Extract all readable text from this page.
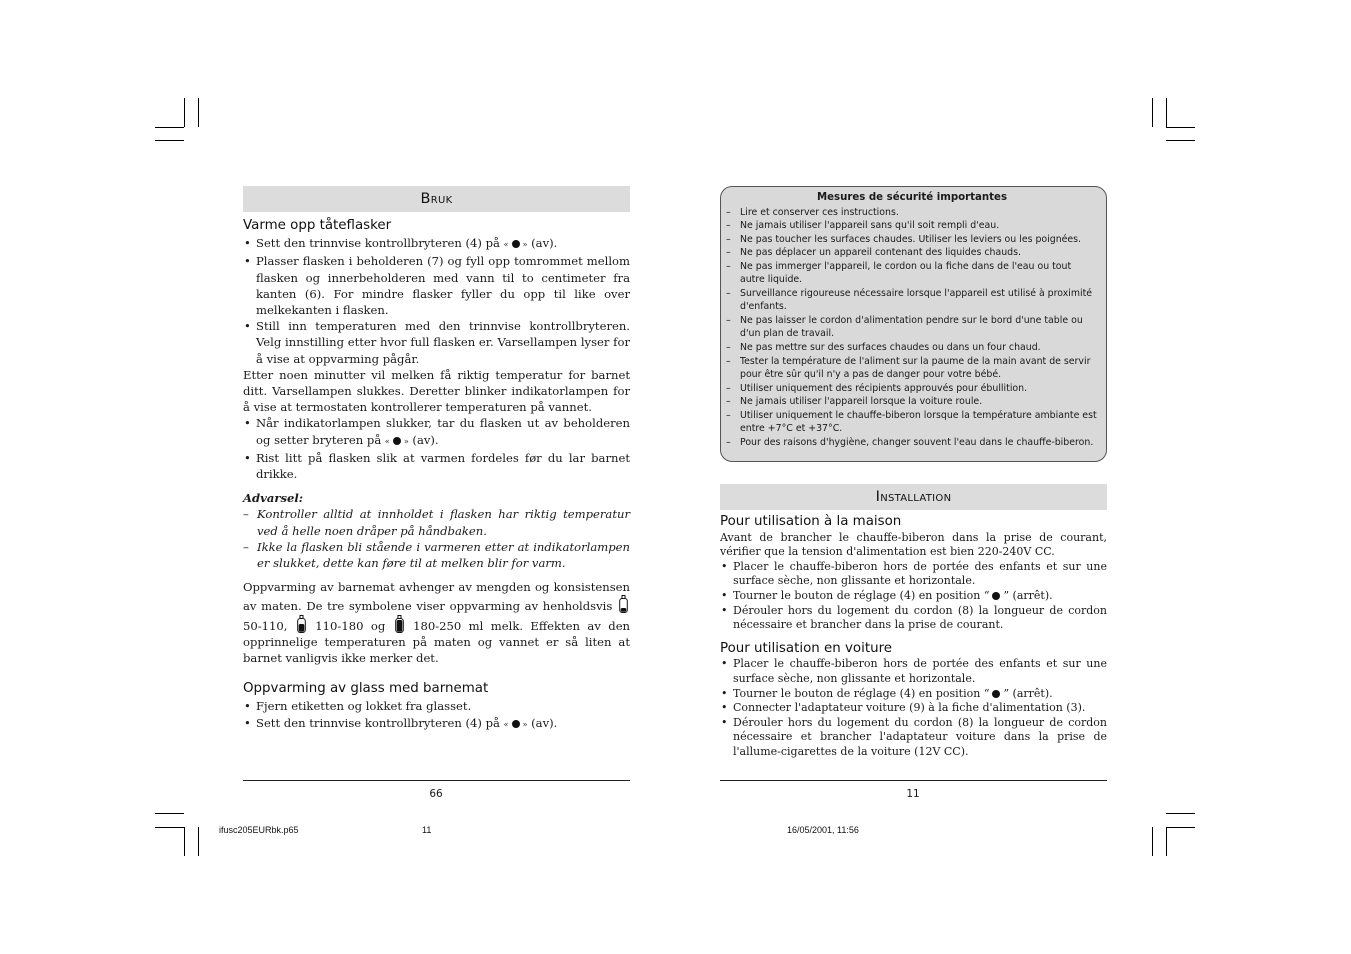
Bruk
Varme opp tåteflasker
• Sett den trinnvise kontrollbryteren (4) på « » (av).
• Plasser flasken i beholderen (7) og fyll opp tomrommet mellom flasken og innerbeholderen med vann til to centimeter fra kanten (6). For mindre flasker fyller du opp til like over melkekanten i flasken.
• Still inn temperaturen med den trinnvise kontrollbryteren. Velg innstilling etter hvor full flasken er. Varsellampen lyser for å vise at oppvarming pågår.

Etter noen minutter vil melken få riktig temperatur for barnet ditt. Varsellampen slukkes. Deretter blinker indikatorlampen for å vise at termostaten kontrollerer temperaturen på vannet.

• Når indikatorlampen slukker, tar du flasken ut av beholderen og setter bryteren på « » (av).
• Rist litt på flasken slik at varmen fordeles før du lar barnet drikke.
Advarsel:
– Kontroller alltid at innholdet i flasken har riktig temperatur ved å helle noen dråper på håndbaken.
– Ikke la flasken bli stående i varmeren etter at indikatorlampen er slukket, dette kan føre til at melken blir for varm.

Oppvarming av barnemat avhenger av mengden og konsistensen av maten. De tre symbolene viser oppvarming av henholdsvis  50-110, 110-180 og 180-250 ml melk. Effekten av den opprinnelige temperaturen på maten og vannet er så liten at barnet vanligvis ikke merker det.

Oppvarming av glass med barnemat
• Fjern etiketten og lokket fra glasset.
• Sett den trinnvise kontrollbryteren (4) på « » (av).
66
Mesures de sécurité importantes
– Lire et conserver ces instructions.
– Ne jamais utiliser l'appareil sans qu'il soit rempli d'eau.
– Ne pas toucher les surfaces chaudes. Utiliser les leviers ou les poignées.
– Ne pas déplacer un appareil contenant des liquides chauds.
– Ne pas immerger l'appareil, le cordon ou la fiche dans de l'eau ou tout autre liquide.
– Surveillance rigoureuse nécessaire lorsque l'appareil est utilisé à proximité d'enfants.
– Ne pas laisser le cordon d'alimentation pendre sur le bord d'une table ou d'un plan de travail.
– Ne pas mettre sur des surfaces chaudes ou dans un four chaud.
– Tester la température de l'aliment sur la paume de la main avant de servir pour être sûr qu'il n'y a pas de danger pour votre bébé.
– Utiliser uniquement des récipients approuvés pour ébullition.
– Ne jamais utiliser l'appareil lorsque la voiture roule.
– Utiliser uniquement le chauffe-biberon lorsque la température ambiante est entre +7°C et +37°C.
– Pour des raisons d'hygiène, changer souvent l'eau dans le chauffe-biberon.
Installation
Pour utilisation à la maison

Avant de brancher le chauffe-biberon dans la prise de courant, vérifier que la tension d'alimentation est bien 220-240V CC.

• Placer le chauffe-biberon hors de portée des enfants et sur une surface sèche, non glissante et horizontale.
• Tourner le bouton de réglage (4) en position “ ” (arrêt).
• Dérouler hors du logement du cordon (8) la longueur de cordon nécessaire et brancher dans la prise de courant.
Pour utilisation en voiture
• Placer le chauffe-biberon hors de portée des enfants et sur une surface sèche, non glissante et horizontale.
• Tourner le bouton de réglage (4) en position “ ” (arrêt).
• Connecter l'adaptateur voiture (9) à la fiche d'alimentation (3).
• Dérouler hors du logement du cordon (8) la longueur de cordon nécessaire et brancher l'adaptateur voiture dans la prise de l'allume-cigarettes de la voiture (12V CC).
11
ifusc205EURbk.p65	11	16/05/2001, 11:56
